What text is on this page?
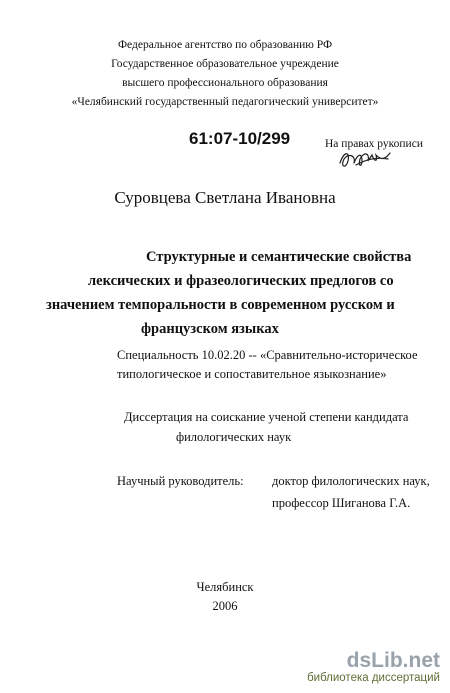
Федеральное агентство по образованию РФ
Государственное образовательное учреждение
высшего профессионального образования
«Челябинский государственный педагогический университет»
61:07-10/299	На правах рукописи
Суровцева Светлана Ивановна
Структурные и семантические свойства
лексических и фразеологических предлогов со
значением темпоральности в современном русском и
французском языках
Специальность 10.02.20 -- «Сравнительно-историческое
типологическое и сопоставительное языкознание»
Диссертация на соискание ученой степени кандидата
филологических наук
Научный руководитель: доктор филологических наук,
профессор Шиганова Г.А.
Челябинск
2006
dsLib.net
библиотека диссертаций
